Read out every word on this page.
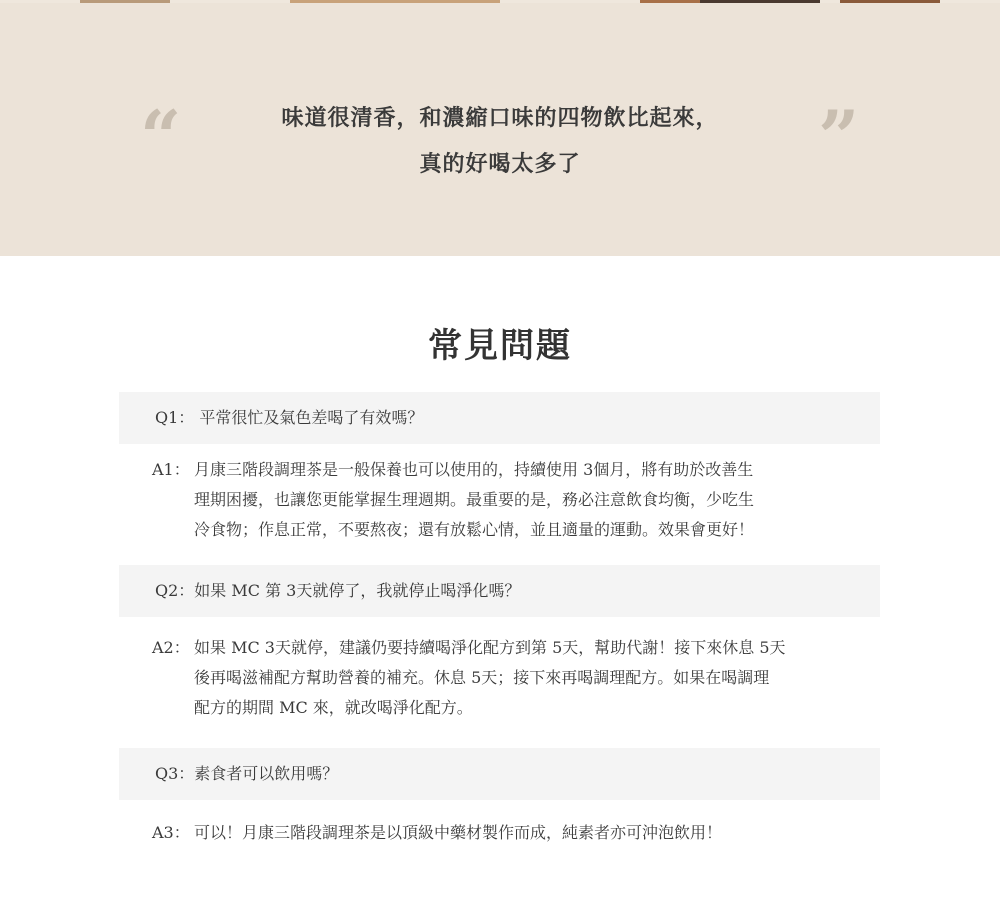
“	味道很清香，和濃縮口味的四物飲比起來，
真的好喝太多了	”
常見問題
Q1： 平常很忙及氣色差喝了有效嗎？
A1： 月康三階段調理茶是一般保養也可以使用的，持續使用 3個月，將有助於改善生
理期困擾，也讓您更能掌握生理週期。最重要的是，務必注意飲食均衡，少吃生
冷食物；作息正常，不要熬夜；還有放鬆心情，並且適量的運動。效果會更好！
Q2：如果 MC 第 3天就停了，我就停止喝淨化嗎？
A2： 如果 MC 3天就停，建議仍要持續喝淨化配方到第 5天，幫助代謝！接下來休息 5天
後再喝滋補配方幫助營養的補充。休息 5天；接下來再喝調理配方。如果在喝調理
配方的期間 MC 來，就改喝淨化配方。
Q3：素食者可以飲用嗎？
A3： 可以！月康三階段調理茶是以頂級中藥材製作而成，純素者亦可沖泡飲用！
